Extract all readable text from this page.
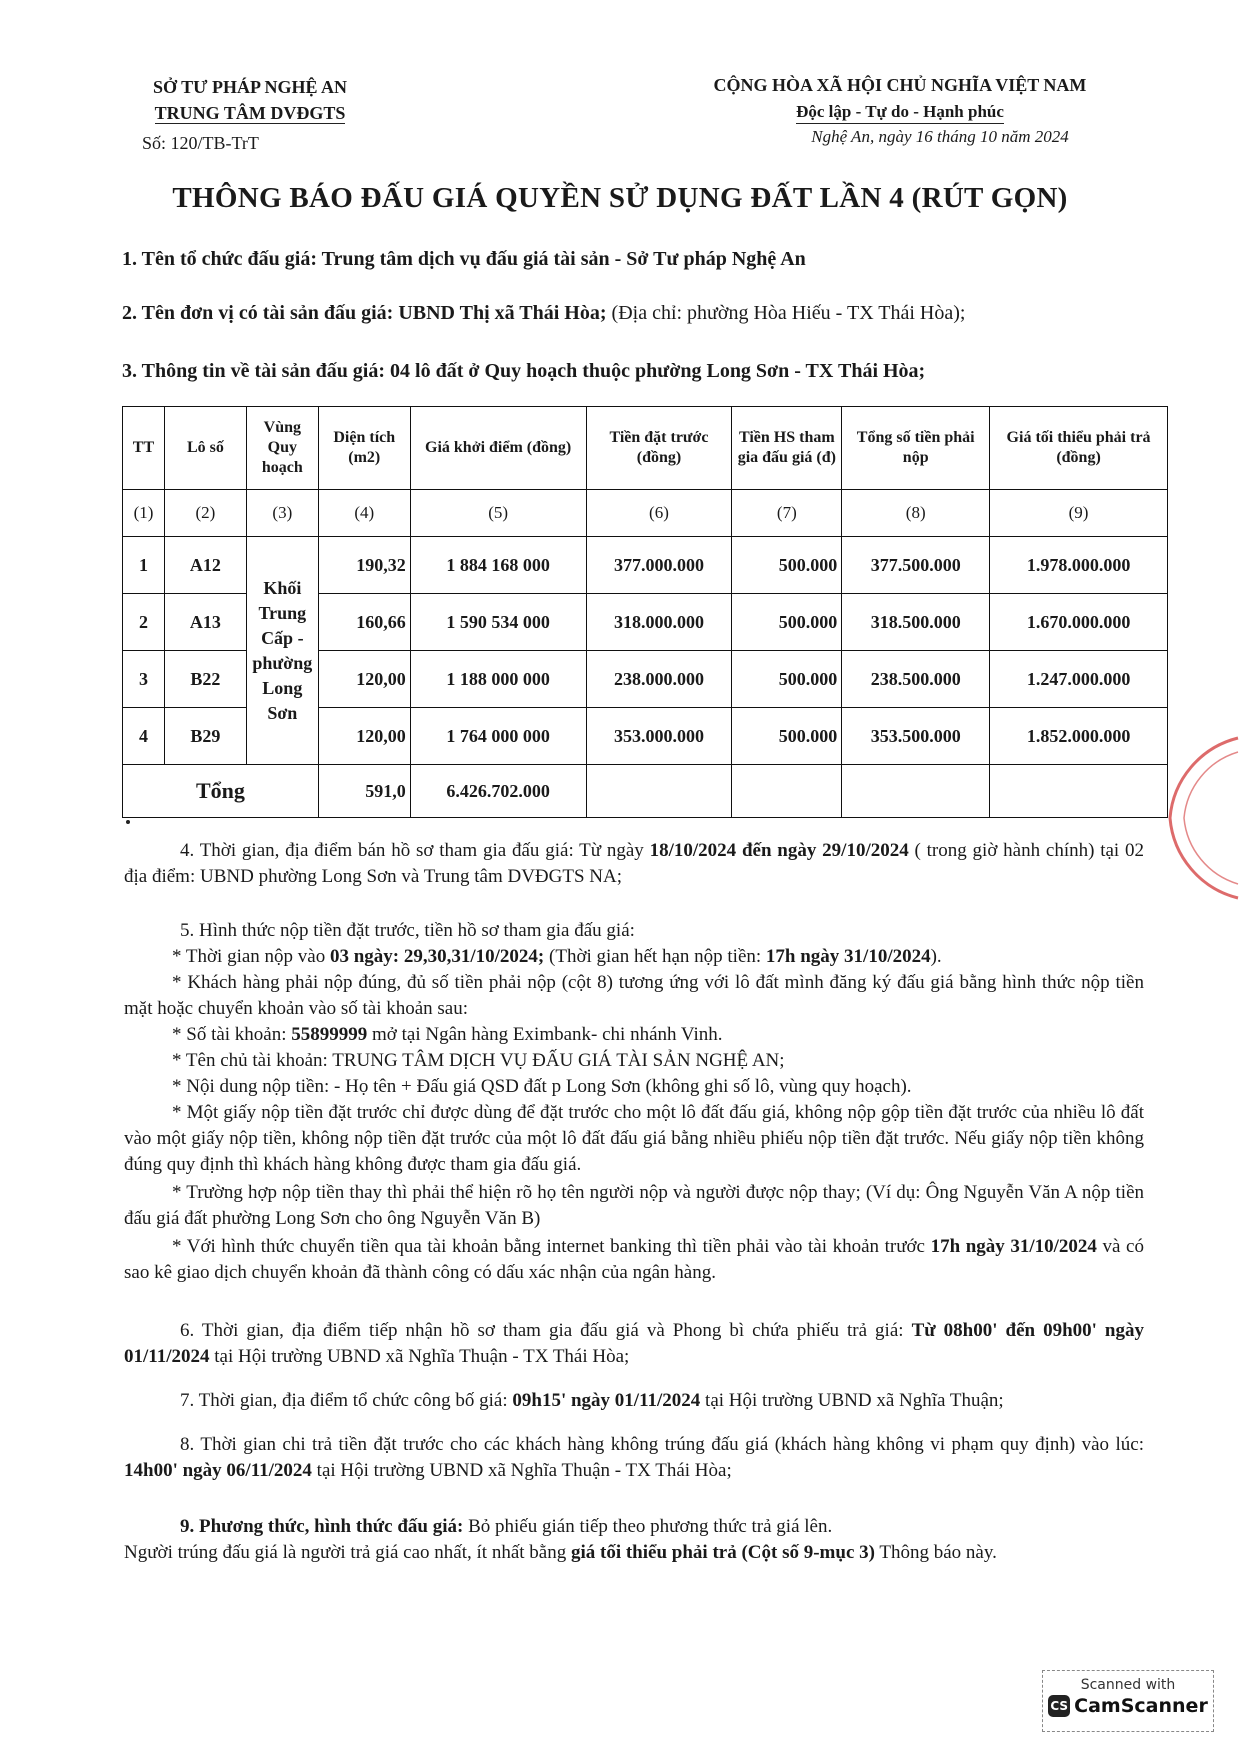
SỞ TƯ PHÁP NGHỆ AN
TRUNG TÂM DVĐGTS
Số: 120/TB-TrT
CỘNG HÒA XÃ HỘI CHỦ NGHĨA VIỆT NAM
Độc lập - Tự do - Hạnh phúc
Nghệ An, ngày 16 tháng 10 năm 2024
THÔNG BÁO ĐẤU GIÁ QUYỀN SỬ DỤNG ĐẤT LẦN 4 (RÚT GỌN)
1. Tên tổ chức đấu giá: Trung tâm dịch vụ đấu giá tài sản - Sở Tư pháp Nghệ An
2. Tên đơn vị có tài sản đấu giá: UBND Thị xã Thái Hòa; (Địa chỉ: phường Hòa Hiếu - TX Thái Hòa);
3. Thông tin về tài sản đấu giá: 04 lô đất ở Quy hoạch thuộc phường Long Sơn - TX Thái Hòa;
TT	Lô số	Vùng Quy hoạch	Diện tích (m2)	Giá khởi điểm (đồng)	Tiền đặt trước (đồng)	Tiền HS tham gia đấu giá (đ)	Tổng số tiền phải nộp	Giá tối thiểu phải trả (đồng)
(1)	(2)	(3)	(4)	(5)	(6)	(7)	(8)	(9)
1	A12	Khối Trung Cấp - phường Long Sơn	190,32	1 884 168 000	377.000.000	500.000	377.500.000	1.978.000.000
2	A13		160,66	1 590 534 000	318.000.000	500.000	318.500.000	1.670.000.000
3	B22		120,00	1 188 000 000	238.000.000	500.000	238.500.000	1.247.000.000
4	B29		120,00	1 764 000 000	353.000.000	500.000	353.500.000	1.852.000.000
Tổng			591,0	6.426.702.000				
4. Thời gian, địa điểm bán hồ sơ tham gia đấu giá: Từ ngày 18/10/2024 đến ngày 29/10/2024 ( trong giờ hành chính) tại 02 địa điểm: UBND phường Long Sơn và Trung tâm DVĐGTS NA;
5. Hình thức nộp tiền đặt trước, tiền hồ sơ tham gia đấu giá:
* Thời gian nộp vào 03 ngày: 29,30,31/10/2024; (Thời gian hết hạn nộp tiền: 17h ngày 31/10/2024).
* Khách hàng phải nộp đúng, đủ số tiền phải nộp (cột 8) tương ứng với lô đất mình đăng ký đấu giá bằng hình thức nộp tiền mặt hoặc chuyển khoản vào số tài khoản sau:
* Số tài khoản: 55899999 mở tại Ngân hàng Eximbank- chi nhánh Vinh.
* Tên chủ tài khoản: TRUNG TÂM DỊCH VỤ ĐẤU GIÁ TÀI SẢN NGHỆ AN;
* Nội dung nộp tiền: - Họ tên + Đấu giá QSD đất p Long Sơn (không ghi số lô, vùng quy hoạch).
* Một giấy nộp tiền đặt trước chỉ được dùng để đặt trước cho một lô đất đấu giá, không nộp gộp tiền đặt trước của nhiều lô đất vào một giấy nộp tiền, không nộp tiền đặt trước của một lô đất đấu giá bằng nhiều phiếu nộp tiền đặt trước. Nếu giấy nộp tiền không đúng quy định thì khách hàng không được tham gia đấu giá.
* Trường hợp nộp tiền thay thì phải thể hiện rõ họ tên người nộp và người được nộp thay; (Ví dụ: Ông Nguyễn Văn A nộp tiền đấu giá đất phường Long Sơn cho ông Nguyễn Văn B)
* Với hình thức chuyển tiền qua tài khoản bằng internet banking thì tiền phải vào tài khoản trước 17h ngày 31/10/2024 và có sao kê giao dịch chuyển khoản đã thành công có dấu xác nhận của ngân hàng.
6. Thời gian, địa điểm tiếp nhận hồ sơ tham gia đấu giá và Phong bì chứa phiếu trả giá: Từ 08h00' đến 09h00' ngày 01/11/2024 tại Hội trường UBND xã Nghĩa Thuận - TX Thái Hòa;
7. Thời gian, địa điểm tổ chức công bố giá: 09h15' ngày 01/11/2024 tại Hội trường UBND xã Nghĩa Thuận;
8. Thời gian chi trả tiền đặt trước cho các khách hàng không trúng đấu giá (khách hàng không vi phạm quy định) vào lúc: 14h00' ngày 06/11/2024 tại Hội trường UBND xã Nghĩa Thuận - TX Thái Hòa;
9. Phương thức, hình thức đấu giá: Bỏ phiếu gián tiếp theo phương thức trả giá lên.
Người trúng đấu giá là người trả giá cao nhất, ít nhất bằng giá tối thiểu phải trả (Cột số 9-mục 3) Thông báo này.
Scanned with
CS CamScanner
